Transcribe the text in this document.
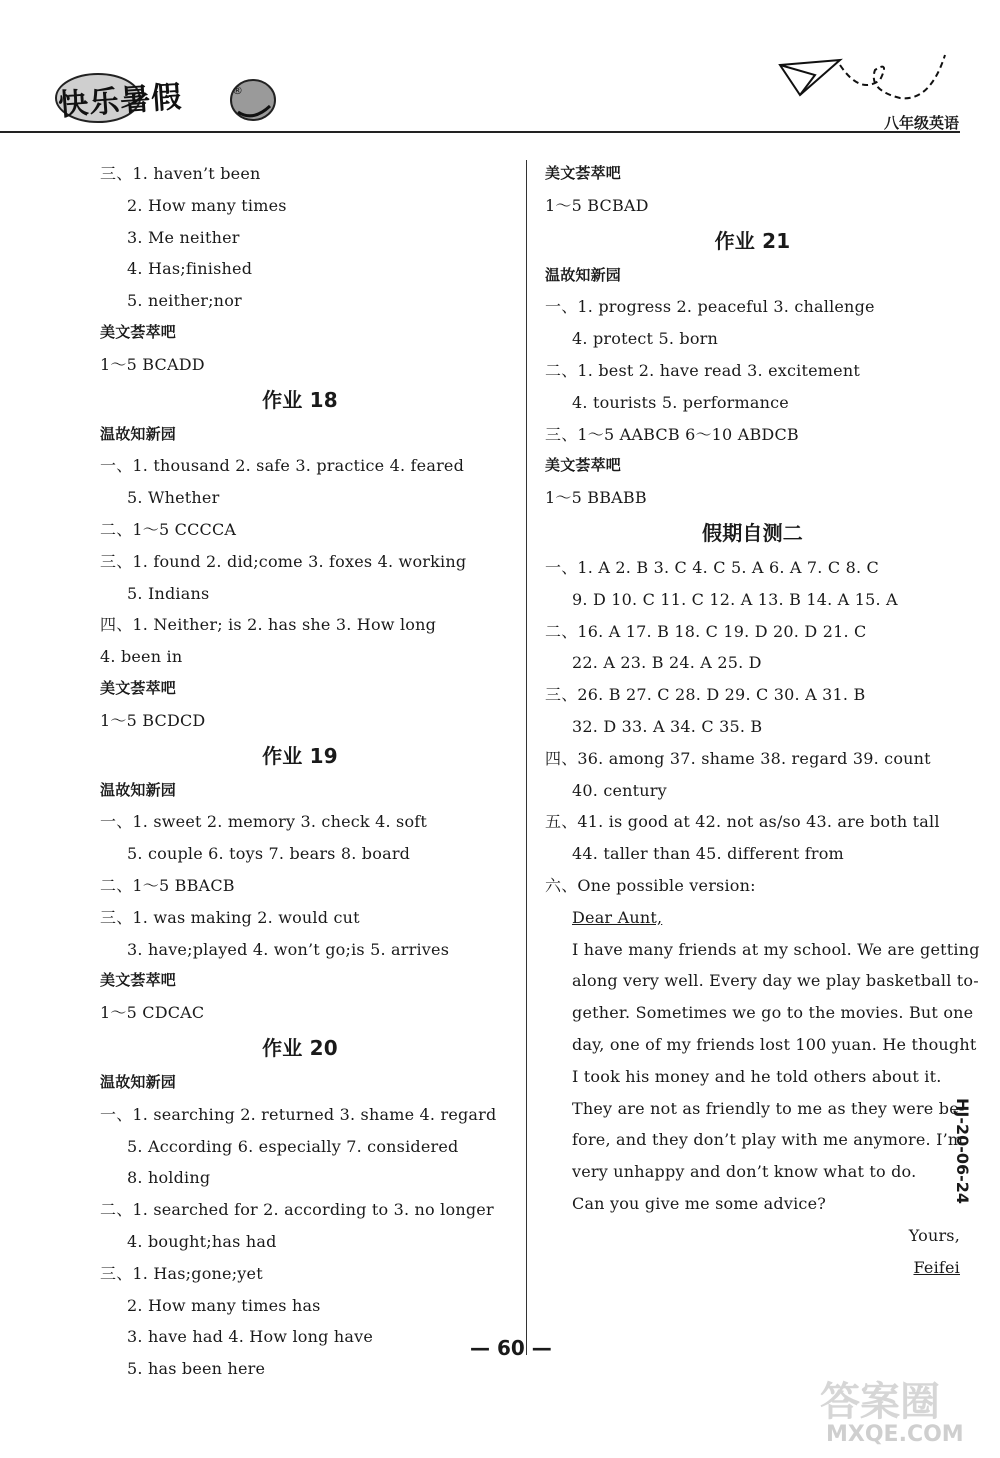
快乐暑假	®
八年级英语
三、1. haven’t been
2. How many times
3. Me neither
4. Has;finished
5. neither;nor
美文荟萃吧
1～5 BCADD
作业 18
温故知新园
一、1. thousand 2. safe 3. practice 4. feared
5. Whether
二、1～5 CCCCA
三、1. found 2. did;come 3. foxes 4. working
5. Indians
四、1. Neither; is 2. has she 3. How long
4. been in
美文荟萃吧
1～5 BCDCD
作业 19
温故知新园
一、1. sweet 2. memory 3. check 4. soft
5. couple 6. toys 7. bears 8. board
二、1～5 BBACB
三、1. was making 2. would cut
3. have;played 4. won’t go;is 5. arrives
美文荟萃吧
1～5 CDCAC
作业 20
温故知新园
一、1. searching 2. returned 3. shame 4. regard
5. According 6. especially 7. considered
8. holding
二、1. searched for 2. according to 3. no longer
4. bought;has had
三、1. Has;gone;yet
2. How many times has
3. have had 4. How long have
5. has been here
美文荟萃吧
1～5 BCBAD
作业 21
温故知新园
一、1. progress 2. peaceful 3. challenge
4. protect 5. born
二、1. best 2. have read 3. excitement
4. tourists 5. performance
三、1～5 AABCB 6～10 ABDCB
美文荟萃吧
1～5 BBABB
假期自测二
一、1. A 2. B 3. C 4. C 5. A 6. A 7. C 8. C
9. D 10. C 11. C 12. A 13. B 14. A 15. A
二、16. A 17. B 18. C 19. D 20. D 21. C
22. A 23. B 24. A 25. D
三、26. B 27. C 28. D 29. C 30. A 31. B
32. D 33. A 34. C 35. B
四、36. among 37. shame 38. regard 39. count
40. century
五、41. is good at 42. not as/so 43. are both tall
44. taller than 45. different from
六、One possible version:
Dear Aunt,
I have many friends at my school. We are getting
along very well. Every day we play basketball to-
gether. Sometimes we go to the movies. But one
day, one of my friends lost 100 yuan. He thought
I took his money and he told others about it.
They are not as friendly to me as they were be-
fore, and they don’t play with me anymore. I’m
very unhappy and don’t know what to do.
Can you give me some advice?
Yours,
Feifei
— 60 —
HJ-20-06-24
答案圈
MXQE.COM
